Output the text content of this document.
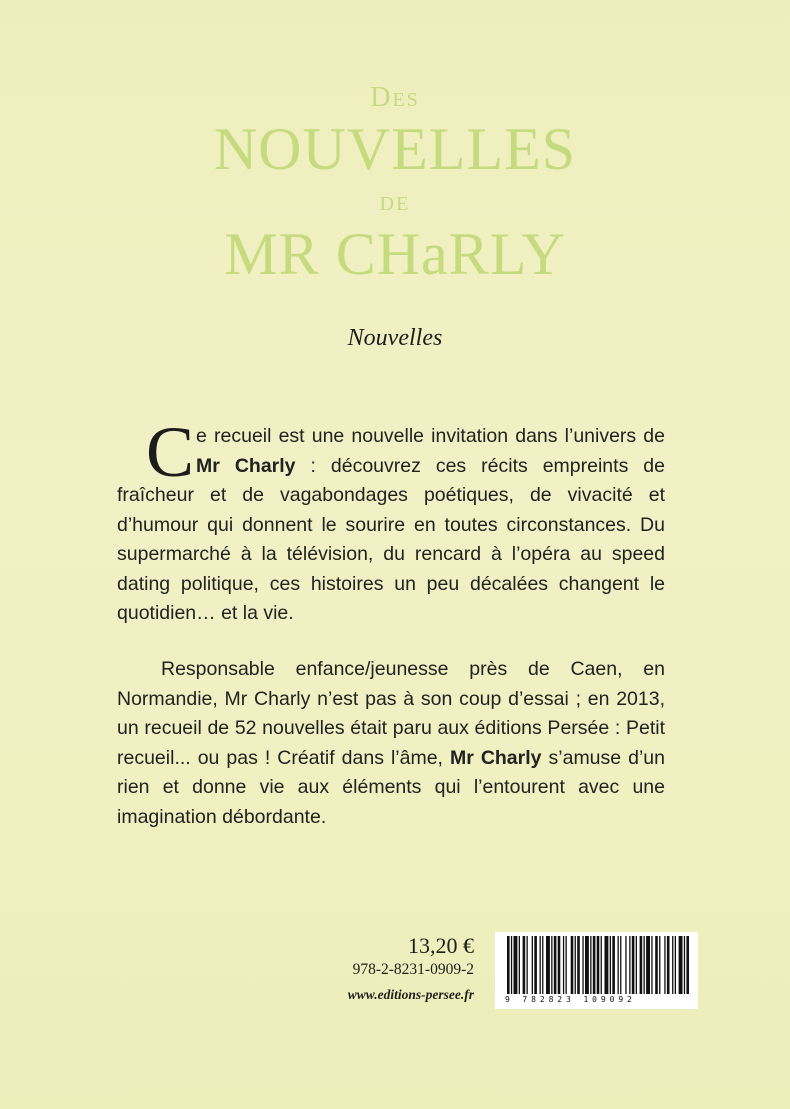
Des
NOUVELLES
de
MR CHaRLY
Nouvelles
Ce recueil est une nouvelle invitation dans l’univers de Mr Charly : découvrez ces récits empreints de fraîcheur et de vagabondages poétiques, de vivacité et d’humour qui donnent le sourire en toutes circonstances. Du supermarché à la télévision, du rencard à l’opéra au speed dating politique, ces histoires un peu décalées changent le quotidien… et la vie.
Responsable enfance/jeunesse près de Caen, en Normandie, Mr Charly n’est pas à son coup d’essai ; en 2013, un recueil de 52 nouvelles était paru aux éditions Persée : Petit recueil... ou pas ! Créatif dans l’âme, Mr Charly s’amuse d’un rien et donne vie aux éléments qui l’entourent avec une imagination débordante.
13,20 €
978-2-8231-0909-2
www.editions-persee.fr	9 782823 109092
